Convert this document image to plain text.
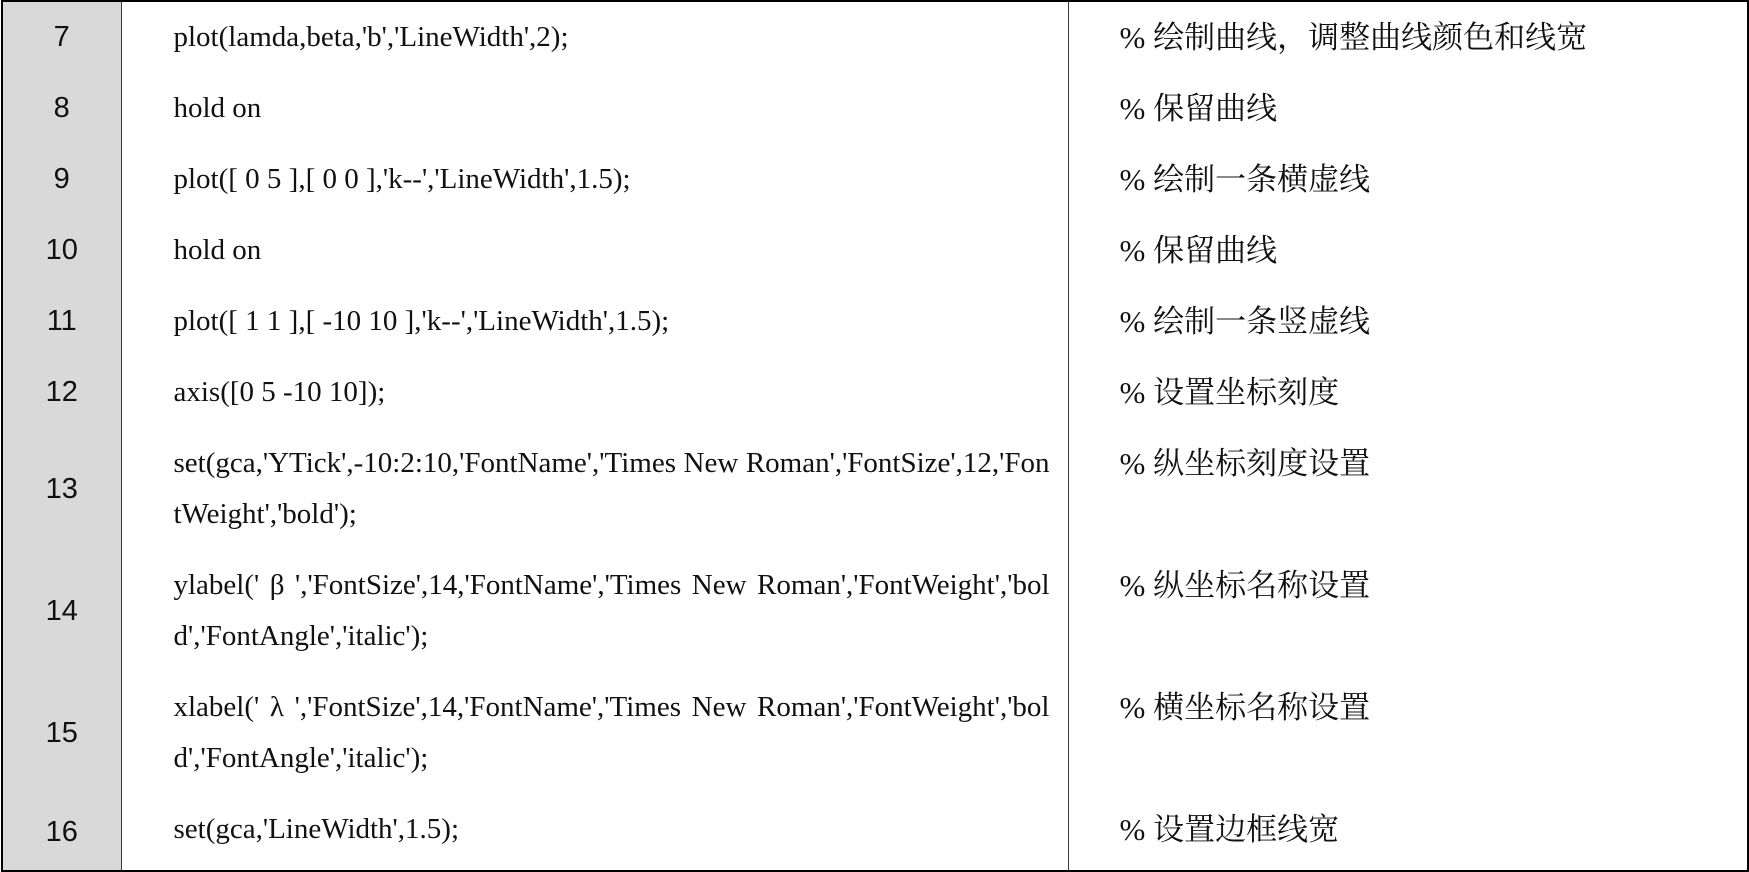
7	plot(lamda,beta,'b','LineWidth',2);	% 绘制曲线，调整曲线颜色和线宽
8	hold on	% 保留曲线
9	plot([ 0 5 ],[ 0 0 ],'k--','LineWidth',1.5);	% 绘制一条横虚线
10	hold on	% 保留曲线
11	plot([ 1 1 ],[ -10 10 ],'k--','LineWidth',1.5);	% 绘制一条竖虚线
12	axis([0 5 -10 10]);	% 设置坐标刻度
13	set(gca,'YTick',-10:2:10,'FontName','Times New Roman','FontSize',12,'FontWeight','bold');	% 纵坐标刻度设置
14	ylabel(' β ','FontSize',14,'FontName','Times New Roman','FontWeight','bold','FontAngle','italic');	% 纵坐标名称设置
15	xlabel(' λ ','FontSize',14,'FontName','Times New Roman','FontWeight','bold','FontAngle','italic');	% 横坐标名称设置
16	set(gca,'LineWidth',1.5);	% 设置边框线宽
